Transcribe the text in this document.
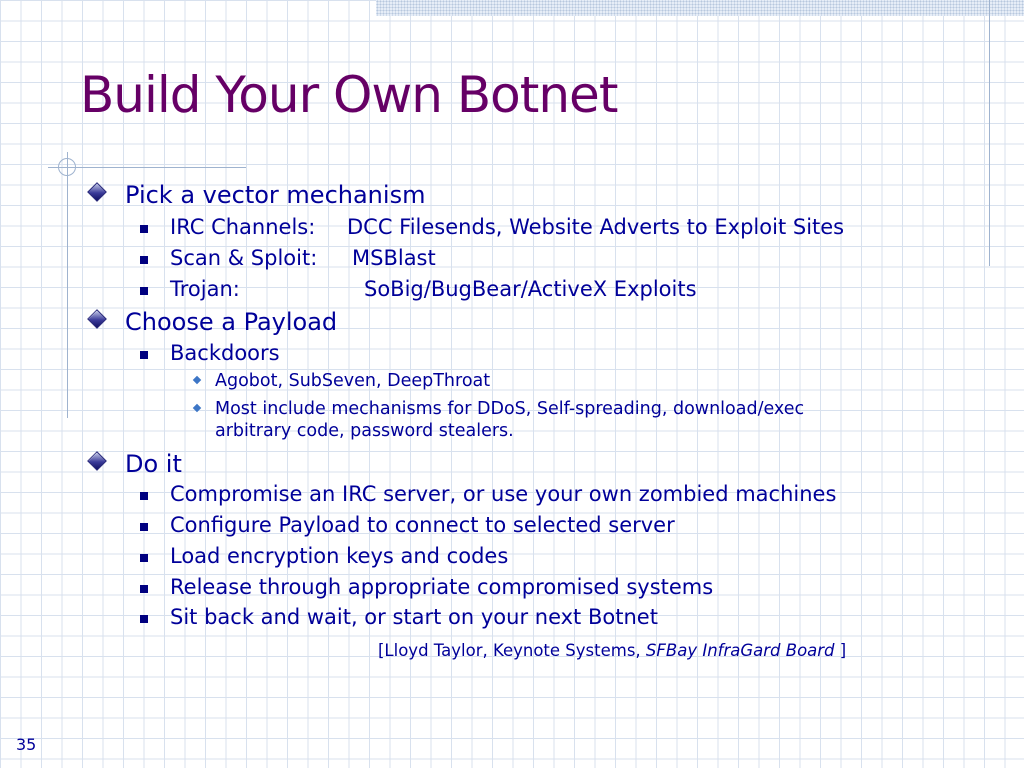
Build Your Own Botnet
Pick a vector mechanism
IRC Channels: DCC Filesends, Website Adverts to Exploit Sites
Scan & Sploit: MSBlast
Trojan:	SoBig/BugBear/ActiveX Exploits
Choose a Payload
Backdoors
Agobot, SubSeven, DeepThroat
Most include mechanisms for DDoS, Self-spreading, download/exec
arbitrary code, password stealers.
Do it
Compromise an IRC server, or use your own zombied machines
Configure Payload to connect to selected server
Load encryption keys and codes
Release through appropriate compromised systems
Sit back and wait, or start on your next Botnet
[Lloyd Taylor, Keynote Systems, SFBay InfraGard Board ]
35
